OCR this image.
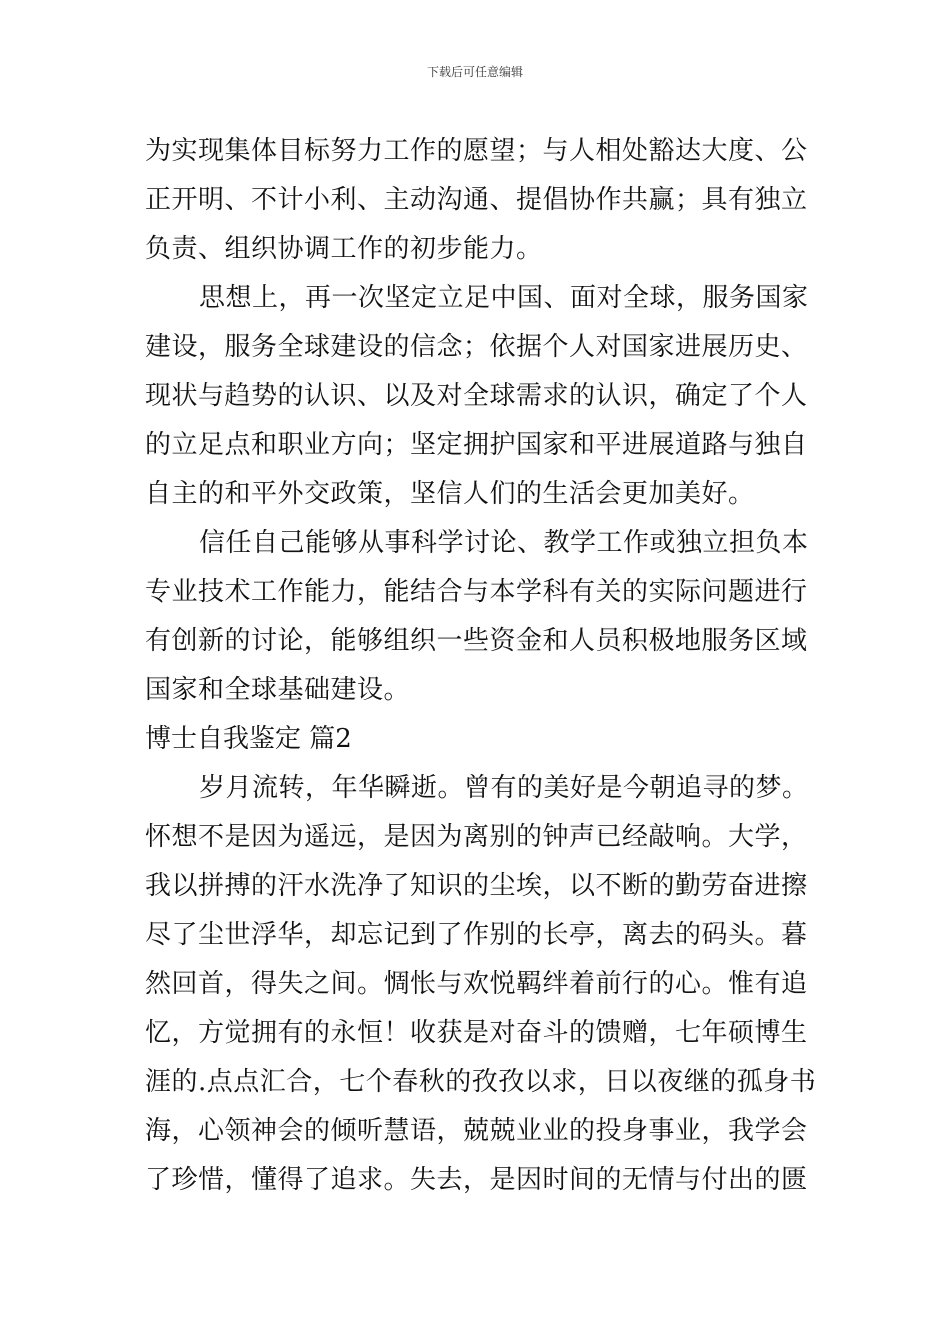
下载后可任意编辑
为实现集体目标努力工作的愿望；与人相处豁达大度、公
正开明、不计小利、主动沟通、提倡协作共赢；具有独立
负责、组织协调工作的初步能力。
思想上，再一次坚定立足中国、面对全球，服务国家
建设，服务全球建设的信念；依据个人对国家进展历史、
现状与趋势的认识、以及对全球需求的认识，确定了个人
的立足点和职业方向；坚定拥护国家和平进展道路与独自
自主的和平外交政策，坚信人们的生活会更加美好。
信任自己能够从事科学讨论、教学工作或独立担负本
专业技术工作能力，能结合与本学科有关的实际问题进行
有创新的讨论，能够组织一些资金和人员积极地服务区域
国家和全球基础建设。
博士自我鉴定 篇2
岁月流转，年华瞬逝。曾有的美好是今朝追寻的梦。
怀想不是因为遥远，是因为离别的钟声已经敲响。大学，
我以拼搏的汗水洗净了知识的尘埃，以不断的勤劳奋进擦
尽了尘世浮华，却忘记到了作别的长亭，离去的码头。暮
然回首，得失之间。惆怅与欢悦羁绊着前行的心。惟有追
忆，方觉拥有的永恒！收获是对奋斗的馈赠，七年硕博生
涯的.点点汇合，七个春秋的孜孜以求，日以夜继的孤身书
海，心领神会的倾听慧语，兢兢业业的投身事业，我学会
了珍惜，懂得了追求。失去，是因时间的无情与付出的匮
